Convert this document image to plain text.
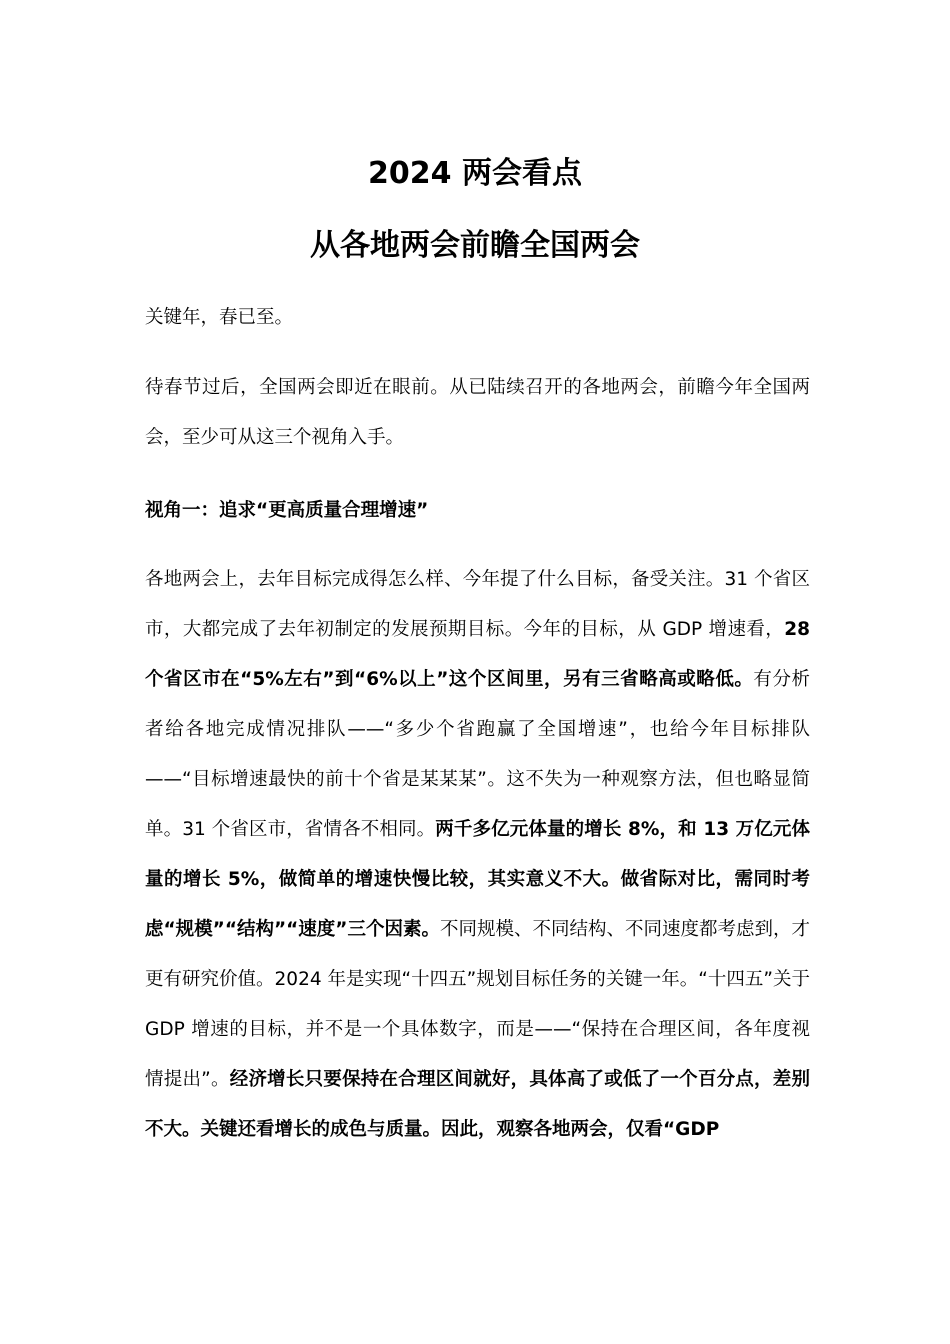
2024 两会看点
从各地两会前瞻全国两会

关键年，春已至。

待春节过后，全国两会即近在眼前。从已陆续召开的各地两会，前瞻今年全国两会，至少可从这三个视角入手。

视角一：追求“更高质量合理增速”

各地两会上，去年目标完成得怎么样、今年提了什么目标，备受关注。31 个省区市，大都完成了去年初制定的发展预期目标。今年的目标，从 GDP 增速看，28 个省区市在“5%左右”到“6%以上”这个区间里，另有三省略高或略低。有分析者给各地完成情况排队——“多少个省跑赢了全国增速”，也给今年目标排队——“目标增速最快的前十个省是某某某”。这不失为一种观察方法，但也略显简单。31 个省区市，省情各不相同。两千多亿元体量的增长 8%，和 13 万亿元体量的增长 5%，做简单的增速快慢比较，其实意义不大。做省际对比，需同时考虑“规模”“结构”“速度”三个因素。不同规模、不同结构、不同速度都考虑到，才更有研究价值。2024 年是实现“十四五”规划目标任务的关键一年。“十四五”关于 GDP 增速的目标，并不是一个具体数字，而是——“保持在合理区间，各年度视情提出”。经济增长只要保持在合理区间就好，具体高了或低了一个百分点，差别不大。关键还看增长的成色与质量。因此，观察各地两会，仅看“GDP
